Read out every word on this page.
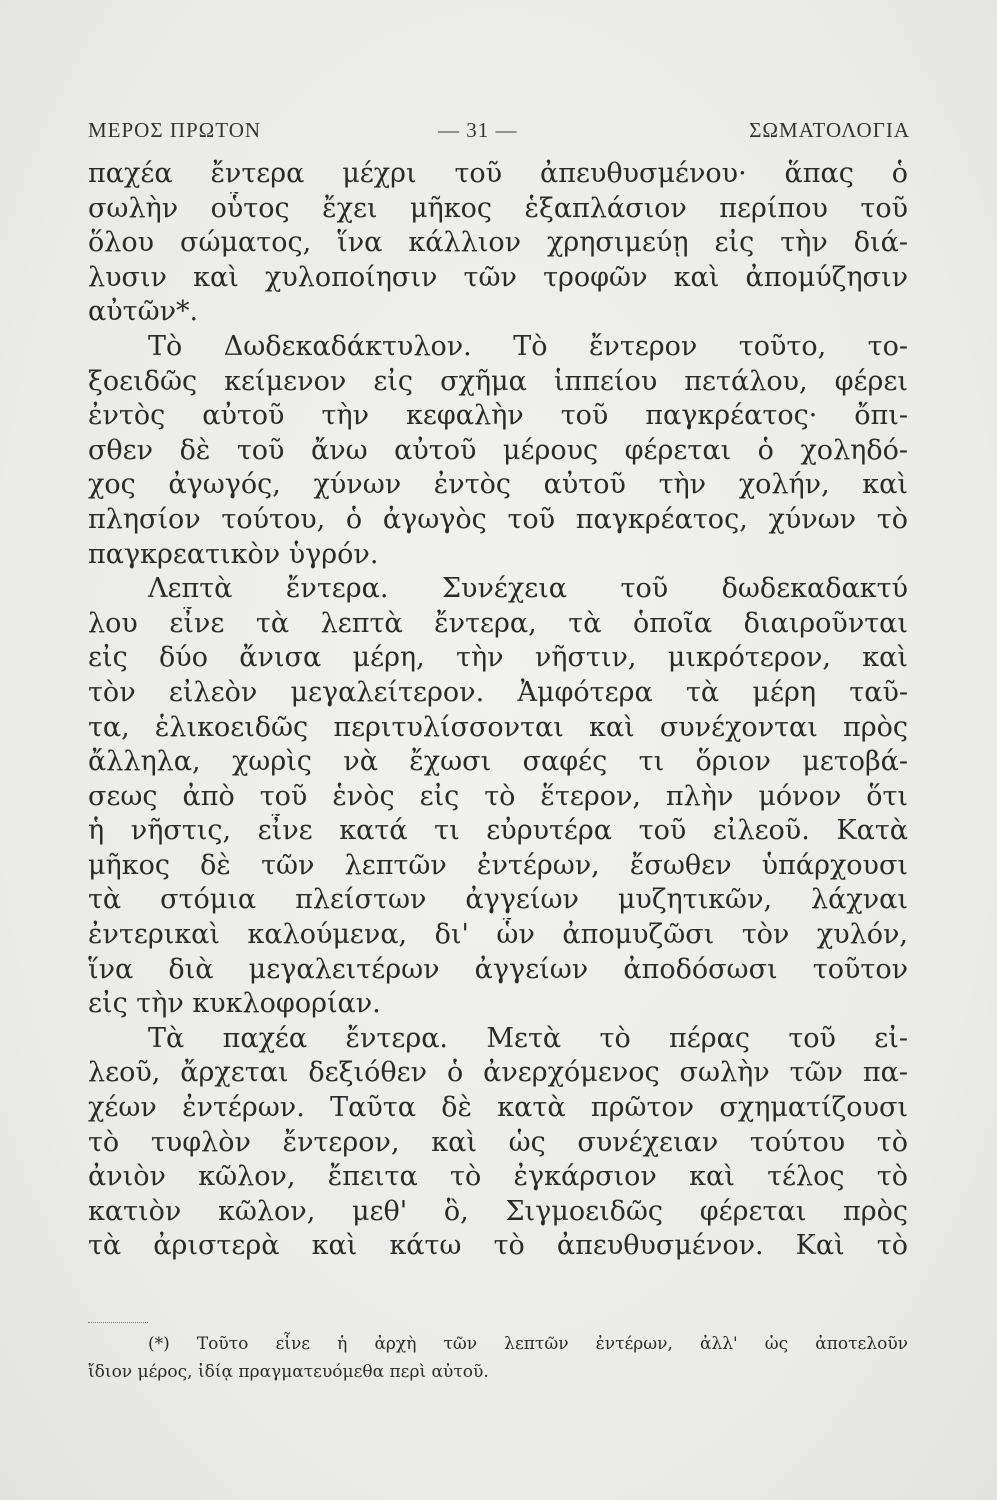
ΜΕΡΟΣ ΠΡΩΤΟΝ	— 31 —	ΣΩΜΑΤΟΛΟΓΙΑ
παχέα ἔντερα μέχρι τοῦ ἀπευθυσμένου· ἅπας ὁ
σωλὴν οὗτος ἔχει μῆκος ἑξαπλάσιον περίπου τοῦ
ὅλου σώματος, ἵνα κάλλιον χρησιμεύῃ εἰς τὴν διά-
λυσιν καὶ χυλοποίησιν τῶν τροφῶν καὶ ἀπομύζησιν
αὐτῶν*.
Τὸ Δωδεκαδάκτυλον. Τὸ ἔντερον τοῦτο, το-
ξοειδῶς κείμενον εἰς σχῆμα ἱππείου πετάλου, φέρει
ἐντὸς αὐτοῦ τὴν κεφαλὴν τοῦ παγκρέατος· ὄπι-
σθεν δὲ τοῦ ἄνω αὐτοῦ μέρους φέρεται ὁ χοληδό-
χος ἀγωγός, χύνων ἐντὸς αὐτοῦ τὴν χολήν, καὶ
πλησίον τούτου, ὁ ἀγωγὸς τοῦ παγκρέατος, χύνων τὸ
παγκρεατικὸν ὑγρόν.
Λεπτὰ ἔντερα. Συνέχεια τοῦ δωδεκαδακτύ
λου εἶνε τὰ λεπτὰ ἔντερα, τὰ ὁποῖα διαιροῦνται
εἰς δύο ἄνισα μέρη, τὴν νῆστιν, μικρότερον, καὶ
τὸν εἰλεὸν μεγαλείτερον. Ἀμφότερα τὰ μέρη ταῦ-
τα, ἑλικοειδῶς περιτυλίσσονται καὶ συνέχονται πρὸς
ἄλληλα, χωρὶς νὰ ἔχωσι σαφές τι ὅριον μετοβά-
σεως ἀπὸ τοῦ ἑνὸς εἰς τὸ ἕτερον, πλὴν μόνον ὅτι
ἡ νῆστις, εἶνε κατά τι εὐρυτέρα τοῦ εἰλεοῦ. Κατὰ
μῆκος δὲ τῶν λεπτῶν ἐντέρων, ἔσωθεν ὑπάρχουσι
τὰ στόμια πλείστων ἀγγείων μυζητικῶν, λάχναι
ἐντερικαὶ καλούμενα, δι' ὧν ἀπομυζῶσι τὸν χυλόν,
ἵνα διὰ μεγαλειτέρων ἀγγείων ἀποδόσωσι τοῦτον
εἰς τὴν κυκλοφορίαν.
Τὰ παχέα ἔντερα. Μετὰ τὸ πέρας τοῦ εἰ-
λεοῦ, ἄρχεται δεξιόθεν ὁ ἀνερχόμενος σωλὴν τῶν πα-
χέων ἐντέρων. Ταῦτα δὲ κατὰ πρῶτον σχηματίζουσι
τὸ τυφλὸν ἔντερον, καὶ ὡς συνέχειαν τούτου τὸ
ἀνιὸν κῶλον, ἔπειτα τὸ ἐγκάρσιον καὶ τέλος τὸ
κατιὸν κῶλον, μεθ' ὃ, Σιγμοειδῶς φέρεται πρὸς
τὰ ἀριστερὰ καὶ κάτω τὸ ἀπευθυσμένον. Καὶ τὸ
(*) Τοῦτο εἶνε ἡ ἀρχὴ τῶν λεπτῶν ἐντέρων, ἀλλ' ὡς ἀποτελοῦν
ἴδιον μέρος, ἰδίᾳ πραγματευόμεθα περὶ αὐτοῦ.
